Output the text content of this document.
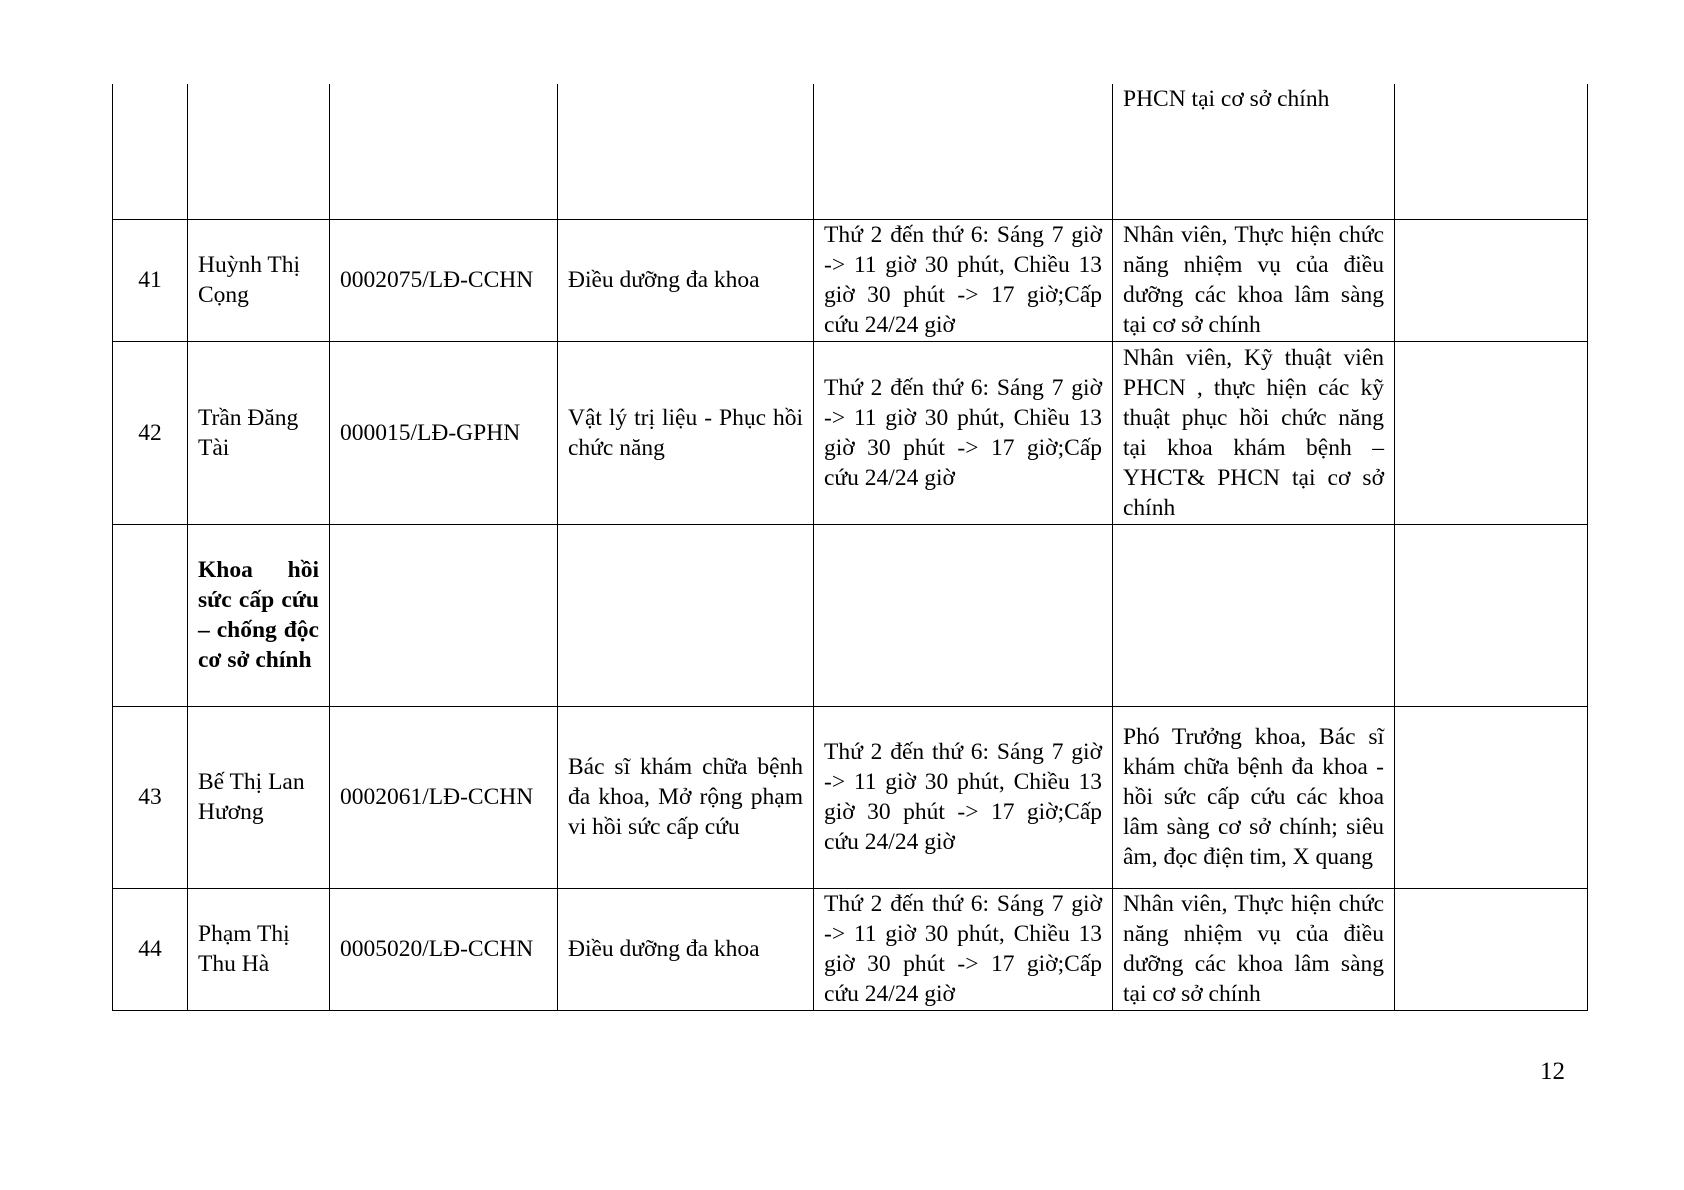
					PHCN tại cơ sở chính	
41	Huỳnh Thị Cọng	0002075/LĐ-CCHN	Điều dưỡng đa khoa	Thứ 2 đến thứ 6: Sáng 7 giờ -> 11 giờ 30 phút, Chiều 13 giờ 30 phút -> 17 giờ;Cấp cứu 24/24 giờ	Nhân viên, Thực hiện chức năng nhiệm vụ của điều dưỡng các khoa lâm sàng tại cơ sở chính	
42	Trần Đăng Tài	000015/LĐ-GPHN	Vật lý trị liệu - Phục hồi chức năng	Thứ 2 đến thứ 6: Sáng 7 giờ -> 11 giờ 30 phút, Chiều 13 giờ 30 phút -> 17 giờ;Cấp cứu 24/24 giờ	Nhân viên, Kỹ thuật viên PHCN , thực hiện các kỹ thuật phục hồi chức năng tại khoa khám bệnh – YHCT& PHCN tại cơ sở chính	
	Khoa hồi sức cấp cứu – chống độc cơ sở chính					
43	Bế Thị Lan Hương	0002061/LĐ-CCHN	Bác sĩ khám chữa bệnh đa khoa, Mở rộng phạm vi hồi sức cấp cứu	Thứ 2 đến thứ 6: Sáng 7 giờ -> 11 giờ 30 phút, Chiều 13 giờ 30 phút -> 17 giờ;Cấp cứu 24/24 giờ	Phó Trưởng khoa, Bác sĩ khám chữa bệnh đa khoa - hồi sức cấp cứu các khoa lâm sàng cơ sở chính; siêu âm, đọc điện tim, X quang	
44	Phạm Thị Thu Hà	0005020/LĐ-CCHN	Điều dưỡng đa khoa	Thứ 2 đến thứ 6: Sáng 7 giờ -> 11 giờ 30 phút, Chiều 13 giờ 30 phút -> 17 giờ;Cấp cứu 24/24 giờ	Nhân viên, Thực hiện chức năng nhiệm vụ của điều dưỡng các khoa lâm sàng tại cơ sở chính	
12
